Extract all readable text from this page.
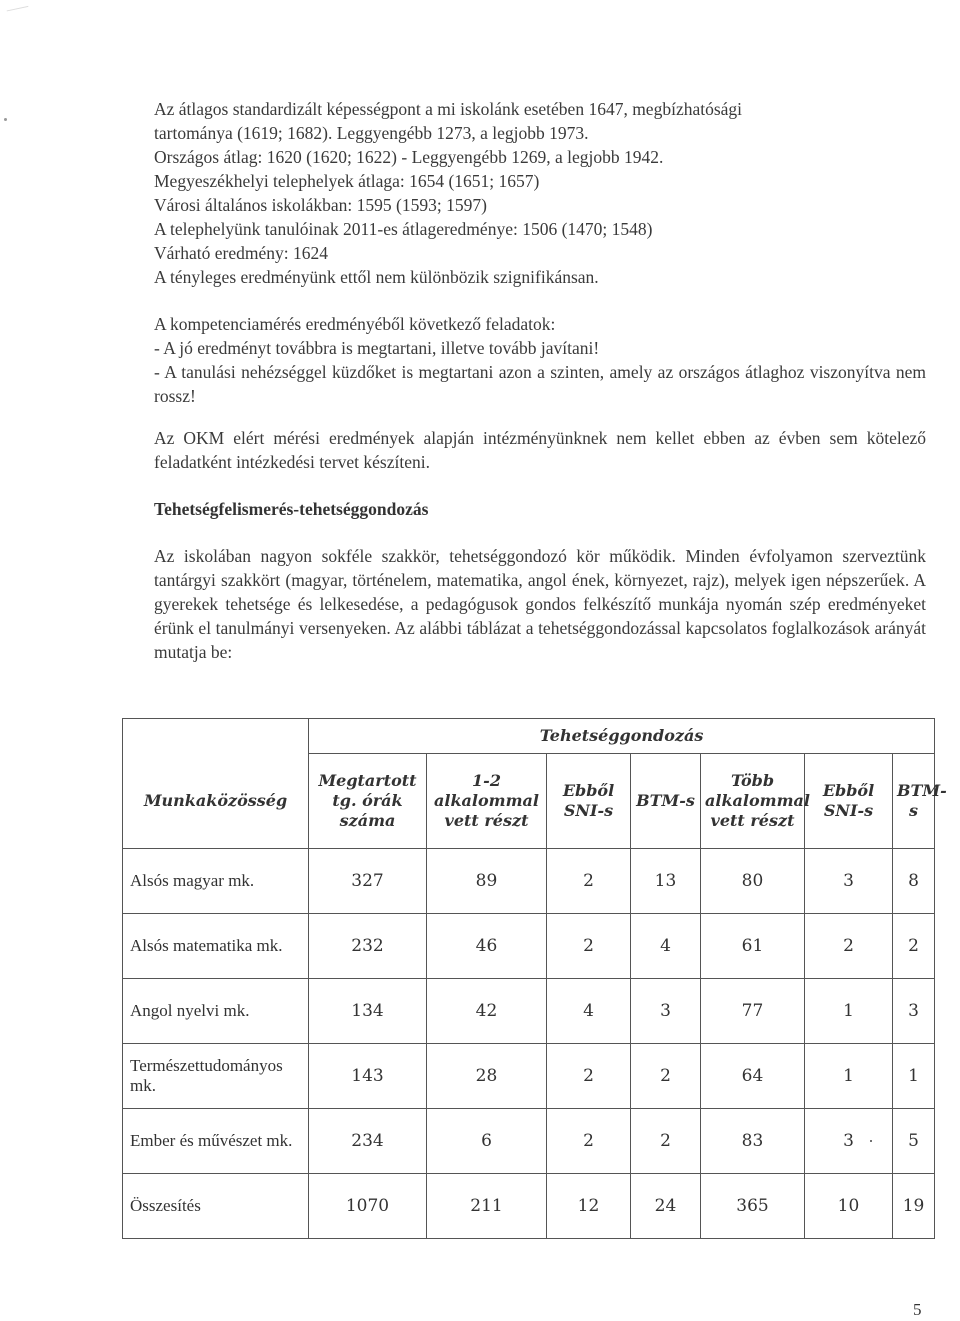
Az átlagos standardizált képességpont a mi iskolánk esetében 1647, megbízhatósági
tartománya (1619; 1682). Leggyengébb 1273, a legjobb 1973.
Országos átlag: 1620 (1620; 1622) - Leggyengébb 1269, a legjobb 1942.
Megyeszékhelyi telephelyek átlaga: 1654 (1651; 1657)
Városi általános iskolákban: 1595 (1593; 1597)
A telephelyünk tanulóinak 2011-es átlageredménye: 1506 (1470; 1548)
Várható eredmény: 1624
A tényleges eredményünk ettől nem különbözik szignifikánsan.
A kompetenciamérés eredményéből következő feladatok:
- A jó eredményt továbbra is megtartani, illetve tovább javítani!
- A tanulási nehézséggel küzdőket is megtartani azon a szinten, amely az országos átlaghoz viszonyítva nem rossz!
Az OKM elért mérési eredmények alapján intézményünknek nem kellet ebben az évben sem kötelező feladatként intézkedési tervet készíteni.
Tehetségfelismerés-tehetséggondozás
Az iskolában nagyon sokféle szakkör, tehetséggondozó kör működik. Minden évfolyamon szerveztünk tantárgyi szakkört (magyar, történelem, matematika, angol ének, környezet, rajz), melyek igen népszerűek. A gyerekek tehetsége és lelkesedése, a pedagógusok gondos felkészítő munkája nyomán szép eredményeket érünk el tanulmányi versenyeken. Az alábbi táblázat a tehetséggondozással kapcsolatos foglalkozások arányát mutatja be:
	Tehetséggondozás						
Munkaközösség	Megtartott tg. órák száma	1-2 alkalommal vett részt	Ebből SNI-s	BTM-s	Több alkalommal vett részt	Ebből SNI-s	BTM-s
Alsós magyar mk.	327	89	2	13	80	3	8
Alsós matematika mk.	232	46	2	4	61	2	2
Angol nyelvi mk.	134	42	4	3	77	1	3
Természettudományos mk.	143	28	2	2	64	1	1
Ember és művészet mk.	234	6	2	2	83	3	5
Összesítés	1070	211	12	24	365	10	19
5
